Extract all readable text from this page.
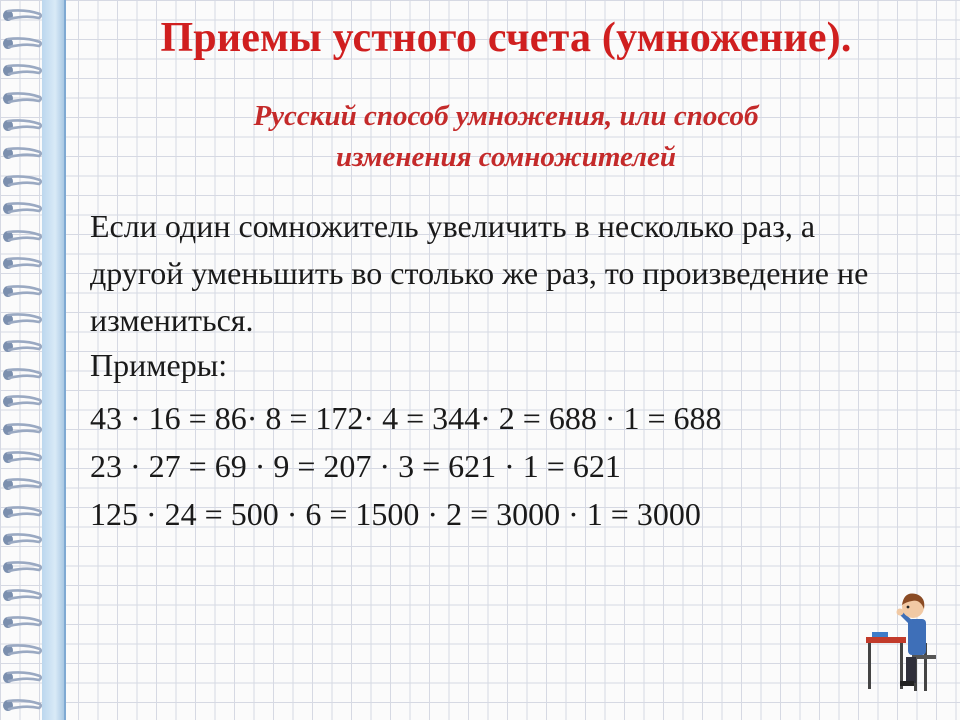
Приемы устного счета (умножение).
Русский способ умножения, или способ
изменения сомножителей

Если один сомножитель увеличить в несколько раз, а другой уменьшить во столько же раз, то произведение не измениться.

Примеры:

43 · 16 = 86· 8 = 172· 4 = 344· 2 = 688 · 1 = 688

23 · 27 = 69 · 9 = 207 · 3 = 621 · 1 = 621

125 · 24 = 500 · 6 = 1500 · 2 = 3000 · 1 = 3000
